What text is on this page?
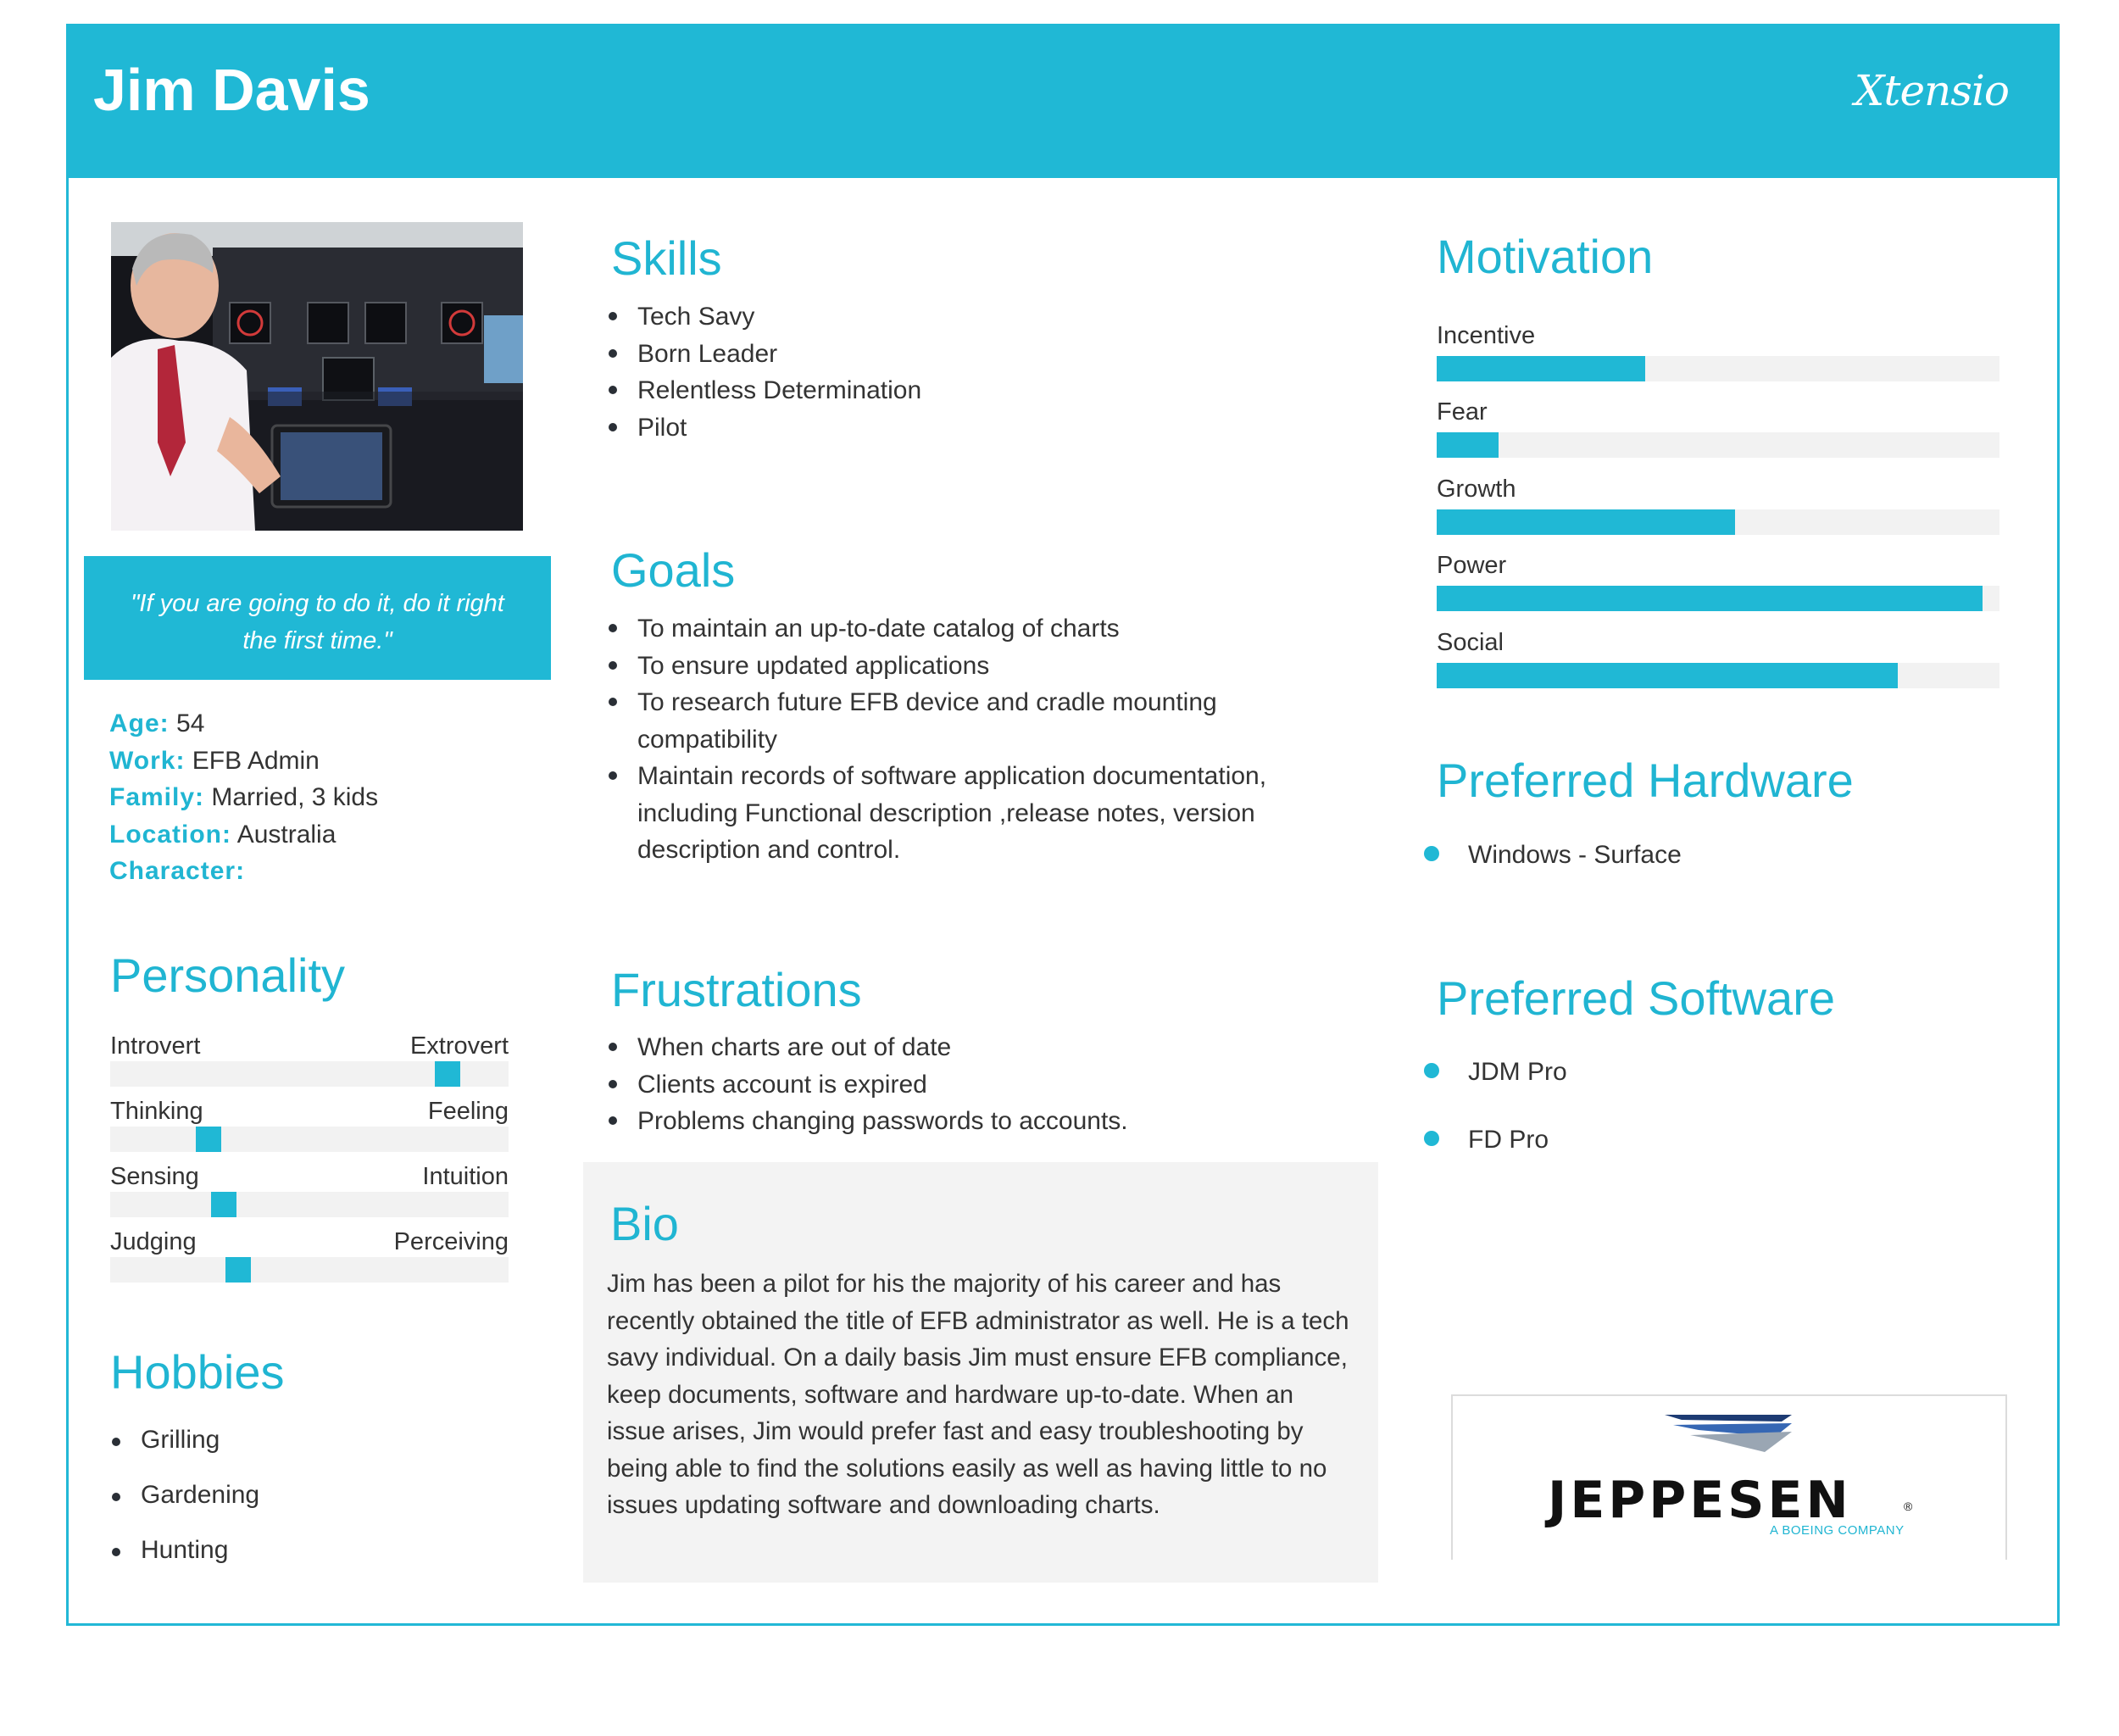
Jim Davis	Xtensio
"If you are going to do it, do it right the first time."
Age: 54
Work: EFB Admin
Family: Married, 3 kids
Location: Australia
Character:
Personality
Introvert	Extrovert
Thinking	Feeling
Sensing	Intuition
Judging	Perceiving
Hobbies
Grilling
Gardening
Hunting
Skills
Tech Savy
Born Leader
Relentless Determination
Pilot
Goals
To maintain an up-to-date catalog of charts
To ensure updated applications
To research future EFB device and cradle mounting compatibility
Maintain records of software application documentation, including Functional description ,release notes, version description and control.
Frustrations
When charts are out of date
Clients account is expired
Problems changing passwords to accounts.
Bio
Jim has been a pilot for his the majority of his career and has recently obtained the title of EFB administrator as well. He is a tech savy individual. On a daily basis Jim must ensure EFB compliance, keep documents, software and hardware up-to-date. When an issue arises, Jim would prefer fast and easy troubleshooting by being able to find the solutions easily as well as having little to no issues updating software and downloading charts.
Motivation
Incentive
Fear
Growth
Power
Social
Preferred Hardware
Windows - Surface
Preferred Software
JDM Pro
FD Pro
JEPPESEN	®
A BOEING COMPANY
